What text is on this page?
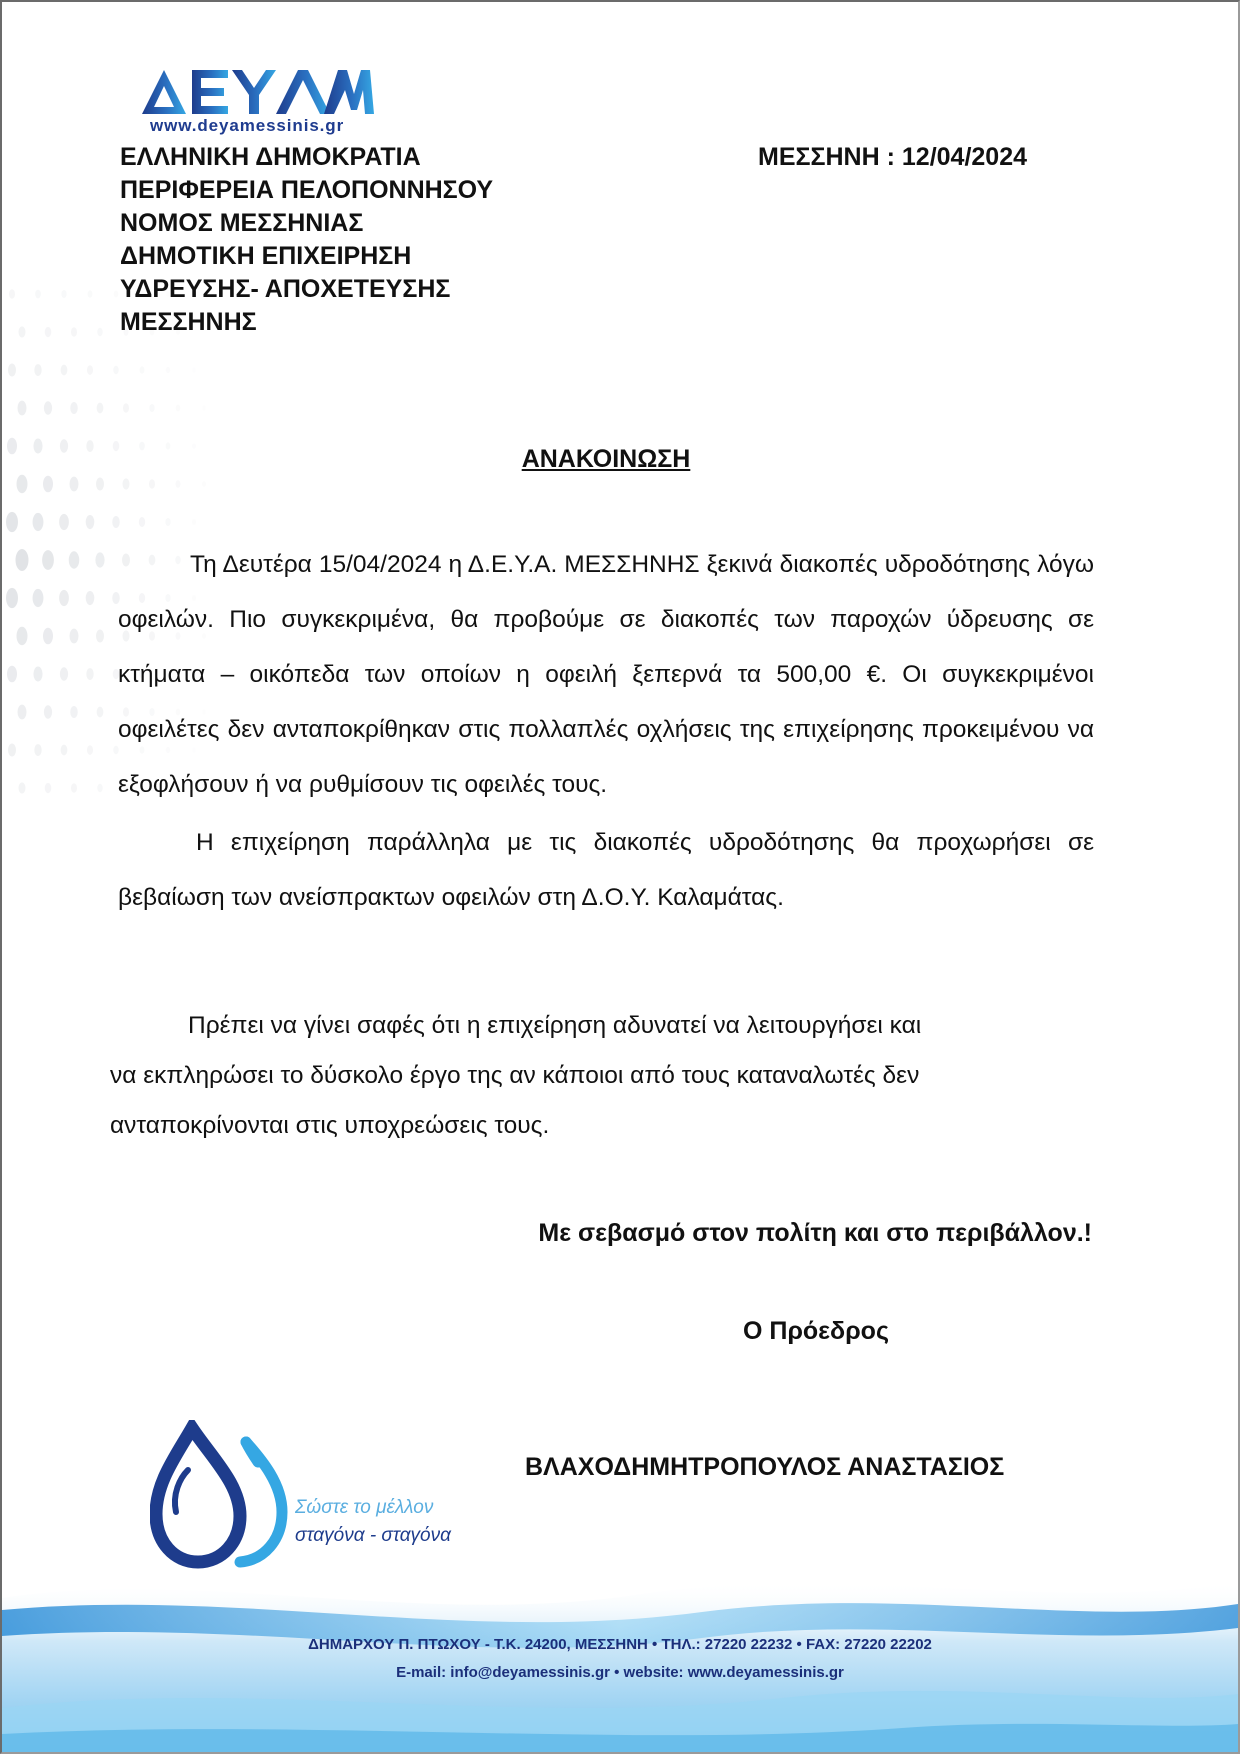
www.deyamessinis.gr
ΕΛΛΗΝΙΚΗ ΔΗΜΟΚΡΑΤΙΑ
ΠΕΡΙΦΕΡΕΙΑ ΠΕΛΟΠΟΝΝΗΣΟΥ
ΝΟΜΟΣ ΜΕΣΣΗΝΙΑΣ
ΔΗΜΟΤΙΚΗ ΕΠΙΧΕΙΡΗΣΗ
ΥΔΡΕΥΣΗΣ- ΑΠΟΧΕΤΕΥΣΗΣ
ΜΕΣΣΗΝΗΣ
ΜΕΣΣΗΝΗ : 12/04/2024
ΑΝΑΚΟΙΝΩΣΗ

Τη Δευτέρα 15/04/2024 η Δ.Ε.Υ.Α. ΜΕΣΣΗΝΗΣ ξεκινά διακοπές υδροδότησης λόγω οφειλών. Πιο συγκεκριμένα, θα προβούμε σε διακοπές των παροχών ύδρευσης σε κτήματα – οικόπεδα των οποίων η οφειλή ξεπερνά τα 500,00 €. Οι συγκεκριμένοι οφειλέτες δεν ανταποκρίθηκαν στις πολλαπλές οχλήσεις της επιχείρησης προκειμένου να εξοφλήσουν ή να ρυθμίσουν τις οφειλές τους.

Η επιχείρηση παράλληλα με τις διακοπές υδροδότησης θα προχωρήσει σε βεβαίωση των ανείσπρακτων οφειλών στη Δ.Ο.Υ. Καλαμάτας.

Πρέπει να γίνει σαφές ότι η επιχείρηση αδυνατεί να λειτουργήσει και

να εκπληρώσει το δύσκολο έργο της αν κάποιοι από τους καταναλωτές δεν
ανταποκρίνονται στις υποχρεώσεις τους.
Με σεβασμό στον πολίτη και στο περιβάλλον.!
Ο Πρόεδρος
ΒΛΑΧΟΔΗΜΗΤΡΟΠΟΥΛΟΣ ΑΝΑΣΤΑΣΙΟΣ
Σώστε το μέλλον
σταγόνα - σταγόνα
ΔΗΜΑΡΧΟΥ Π. ΠΤΩΧΟΥ - Τ.Κ. 24200, ΜΕΣΣΗΝΗ • ΤΗΛ.: 27220 22232 • FAX: 27220 22202
E-mail: info@deyamessinis.gr • website: www.deyamessinis.gr
